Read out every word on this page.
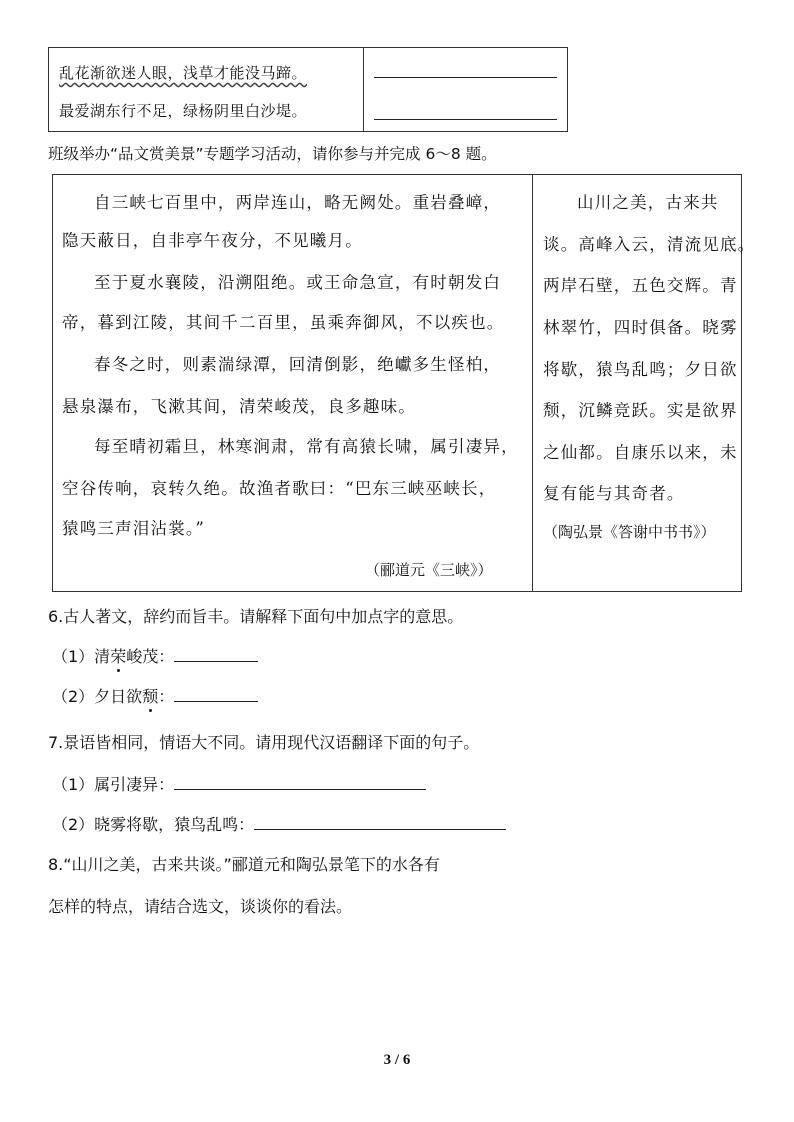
乱花渐欲迷人眼，浅草才能没马蹄。
最爱湖东行不足，绿杨阴里白沙堤。
班级举办“品文赏美景”专题学习活动，请你参与并完成 6～8 题。
自三峡七百里中，两岸连山，略无阙处。重岩叠嶂，
隐天蔽日，自非亭午夜分，不见曦月。
至于夏水襄陵，沿溯阻绝。或王命急宣，有时朝发白
帝，暮到江陵，其间千二百里，虽乘奔御风，不以疾也。
春冬之时，则素湍绿潭，回清倒影，绝巘多生怪柏，
悬泉瀑布，飞漱其间，清荣峻茂，良多趣味。
每至晴初霜旦，林寒涧肃，常有高猿长啸，属引凄异，
空谷传响，哀转久绝。故渔者歌曰：“巴东三峡巫峡长，
猿鸣三声泪沾裳。”
（郦道元《三峡》）
山川之美，古来共
谈。高峰入云，清流见底。
两岸石壁，五色交辉。青
林翠竹，四时俱备。晓雾
将歇，猿鸟乱鸣；夕日欲
颓，沉鳞竞跃。实是欲界
之仙都。自康乐以来，未
复有能与其奇者。
（陶弘景《答谢中书书》）
6.古人著文，辞约而旨丰。请解释下面句中加点字的意思。
（1）清荣峻茂：
（2）夕日欲颓：
7.景语皆相同，情语大不同。请用现代汉语翻译下面的句子。
（1）属引凄异：
（2）晓雾将歇，猿鸟乱鸣：
8.“山川之美，古来共谈。”郦道元和陶弘景笔下的水各有
怎样的特点，请结合选文，谈谈你的看法。
3 / 6
